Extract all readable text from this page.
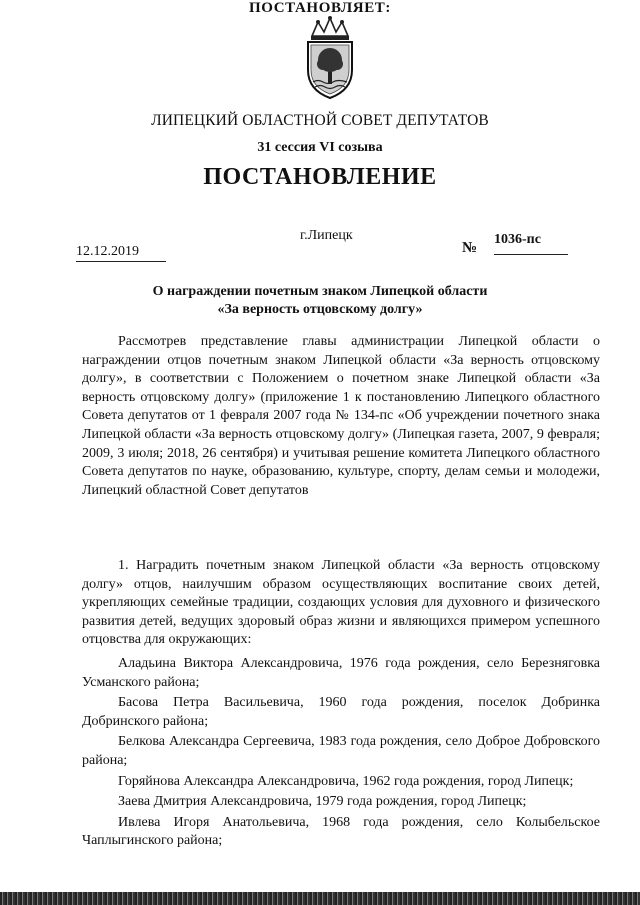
ЛИПЕЦКИЙ ОБЛАСТНОЙ СОВЕТ ДЕПУТАТОВ
31 сессия VI созыва
ПОСТАНОВЛЕНИЕ
г.Липецк
12.12.2019	№
1036-пс
О награждении почетным знаком Липецкой области
«За верность отцовскому долгу»
Рассмотрев представление главы администрации Липецкой области о награждении отцов почетным знаком Липецкой области «За верность отцовскому долгу», в соответствии с Положением о почетном знаке Липецкой области «За верность отцовскому долгу» (приложение 1 к постановлению Липецкого областного Совета депутатов от 1 февраля 2007 года № 134-пс «Об учреждении почетного знака Липецкой области «За верность отцовскому долгу» (Липецкая газета, 2007, 9 февраля; 2009, 3 июля; 2018, 26 сентября) и учитывая решение комитета Липецкого областного Совета депутатов по науке, образованию, культуре, спорту, делам семьи и молодежи, Липецкий областной Совет депутатов
ПОСТАНОВЛЯЕТ:
1. Наградить почетным знаком Липецкой области «За верность отцовскому долгу» отцов, наилучшим образом осуществляющих воспитание своих детей, укрепляющих семейные традиции, создающих условия для духовного и физического развития детей, ведущих здоровый образ жизни и являющихся примером успешного отцовства для окружающих:

Аладьина Виктора Александровича, 1976 года рождения, село Березняговка Усманского района;

Басова Петра Васильевича, 1960 года рождения, поселок Добринка Добринского района;

Белкова Александра Сергеевича, 1983 года рождения, село Доброе Добровского района;

Горяйнова Александра Александровича, 1962 года рождения, город Липецк;

Заева Дмитрия Александровича, 1979 года рождения, город Липецк;

Ивлева Игоря Анатольевича, 1968 года рождения, село Колыбельское Чаплыгинского района;
